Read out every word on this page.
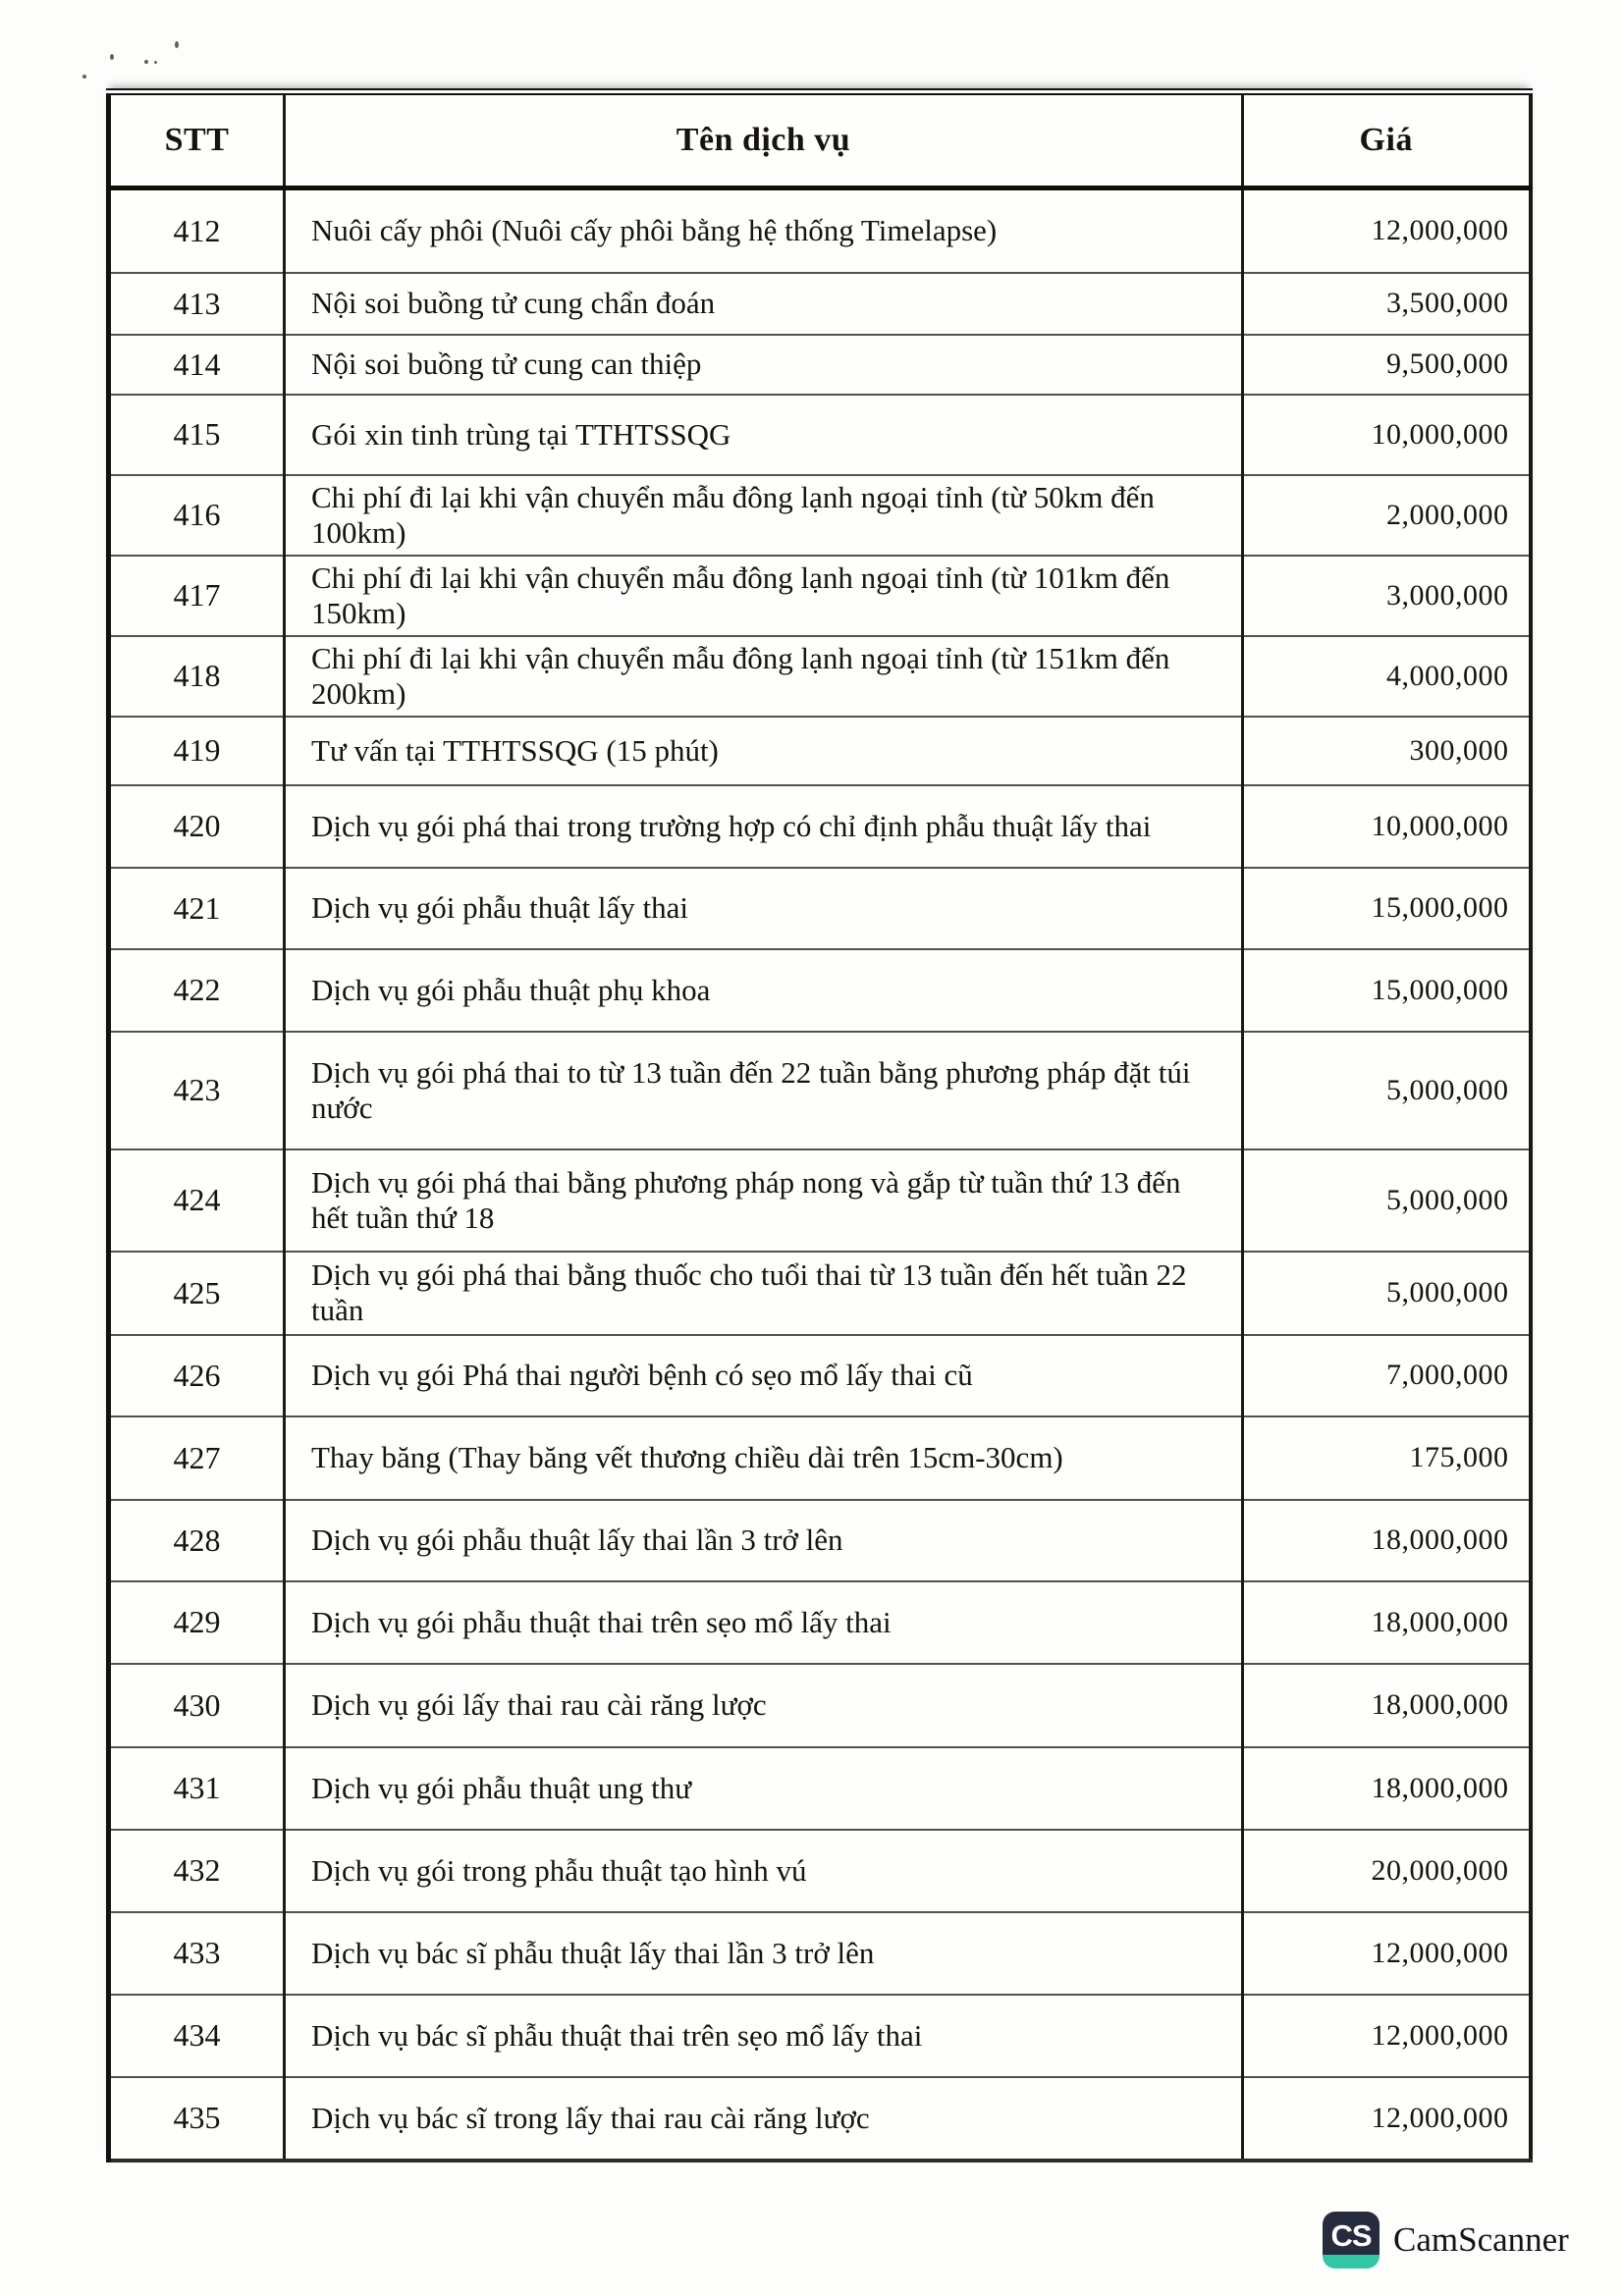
STT	Tên dịch vụ	Giá
412	Nuôi cấy phôi (Nuôi cấy phôi bằng hệ thống Timelapse)	12,000,000
413	Nội soi buồng tử cung chẩn đoán	3,500,000
414	Nội soi buồng tử cung can thiệp	9,500,000
415	Gói xin tinh trùng tại TTHTSSQG	10,000,000
416	Chi phí đi lại khi vận chuyển mẫu đông lạnh ngoại tỉnh (từ 50km đến 100km)	2,000,000
417	Chi phí đi lại khi vận chuyển mẫu đông lạnh ngoại tỉnh (từ 101km đến 150km)	3,000,000
418	Chi phí đi lại khi vận chuyển mẫu đông lạnh ngoại tỉnh (từ 151km đến 200km)	4,000,000
419	Tư vấn tại TTHTSSQG (15 phút)	300,000
420	Dịch vụ gói phá thai trong trường hợp có chỉ định phẫu thuật lấy thai	10,000,000
421	Dịch vụ gói phẫu thuật lấy thai	15,000,000
422	Dịch vụ gói phẫu thuật phụ khoa	15,000,000
423	Dịch vụ gói phá thai to từ 13 tuần đến 22 tuần bằng phương pháp đặt túi nước	5,000,000
424	Dịch vụ gói phá thai bằng phương pháp nong và gắp từ tuần thứ 13 đến hết tuần thứ 18	5,000,000
425	Dịch vụ gói phá thai bằng thuốc cho tuổi thai từ 13 tuần đến hết tuần 22 tuần	5,000,000
426	Dịch vụ gói Phá thai người bệnh có sẹo mổ lấy thai cũ	7,000,000
427	Thay băng (Thay băng vết thương chiều dài trên 15cm-30cm)	175,000
428	Dịch vụ gói phẫu thuật lấy thai lần 3 trở lên	18,000,000
429	Dịch vụ gói phẫu thuật thai trên sẹo mổ lấy thai	18,000,000
430	Dịch vụ gói lấy thai rau cài răng lược	18,000,000
431	Dịch vụ gói phẫu thuật ung thư	18,000,000
432	Dịch vụ gói trong phẫu thuật tạo hình vú	20,000,000
433	Dịch vụ bác sĩ phẫu thuật lấy thai lần 3 trở lên	12,000,000
434	Dịch vụ bác sĩ phẫu thuật thai trên sẹo mổ lấy thai	12,000,000
435	Dịch vụ bác sĩ trong lấy thai rau cài răng lược	12,000,000
CS CamScanner
